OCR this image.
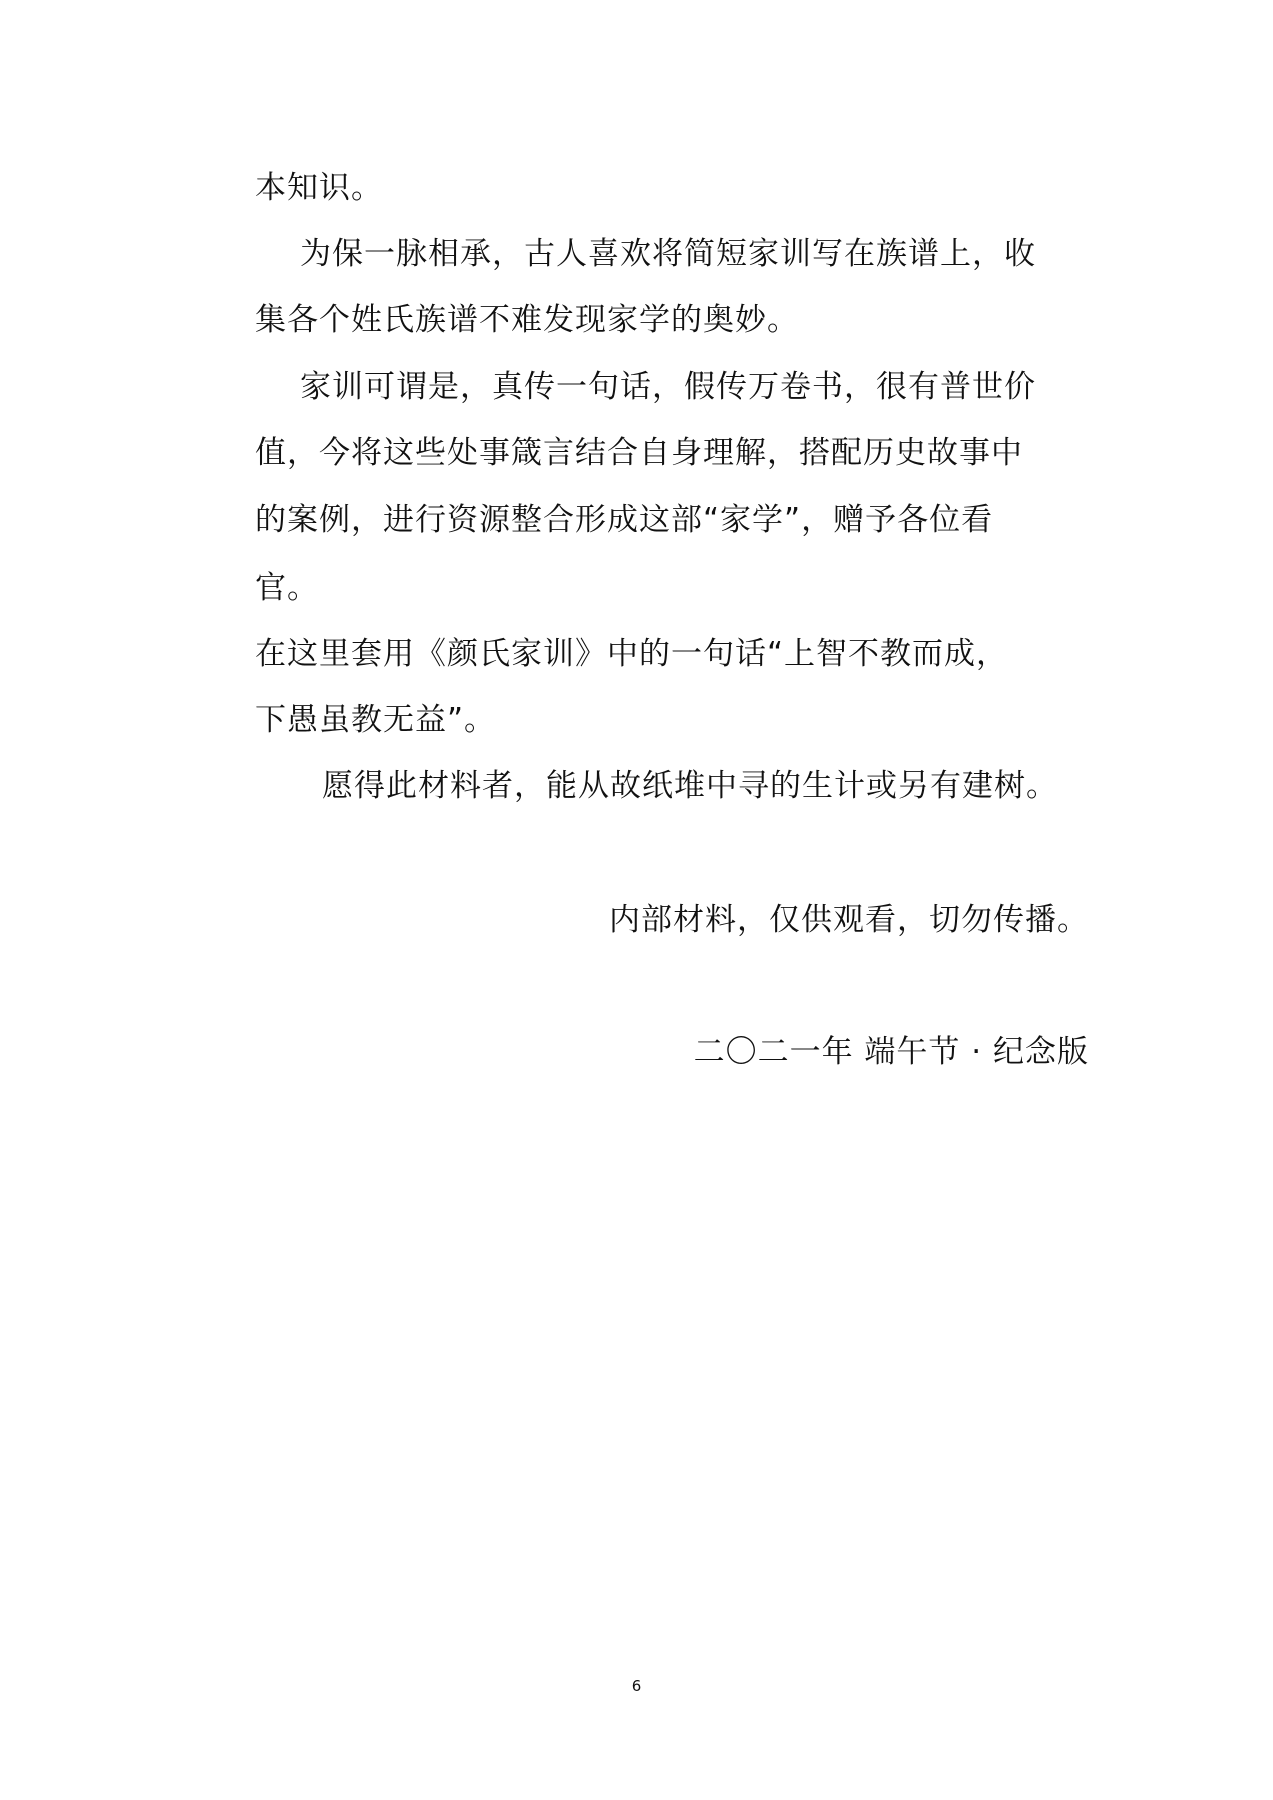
本知识。
为保一脉相承，古人喜欢将简短家训写在族谱上，收
集各个姓氏族谱不难发现家学的奥妙。
家训可谓是，真传一句话，假传万卷书，很有普世价
值，今将这些处事箴言结合自身理解，搭配历史故事中
的案例，进行资源整合形成这部“家学”，赠予各位看
官。
在这里套用《颜氏家训》中的一句话“上智不教而成，
下愚虽教无益”。
愿得此材料者，能从故纸堆中寻的生计或另有建树。
内部材料，仅供观看，切勿传播。
二〇二一年 端午节 · 纪念版
6
